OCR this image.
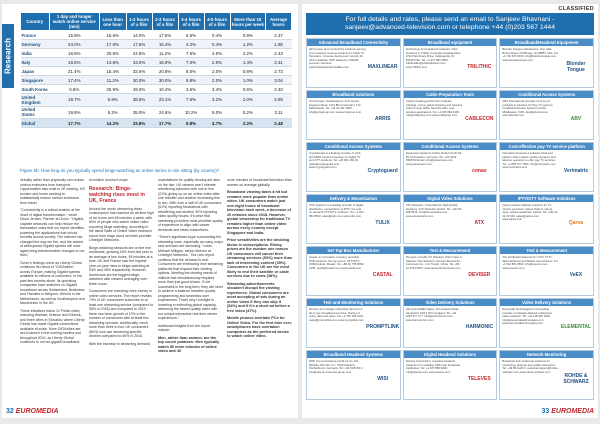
Research
Country	1 day and longer watch online service (min)	Less than one hour	1-2 hours of a film	2-3 hours of a film	3-4 hours of a film	4-5 hours of a film	More than 10 hours per week	Average hours
France	15.9%	16.6%	14.0%	17.6%	6.5%	0.4%	0.9%	2.37
Germany	24.0%	17.0%	17.6%	15.4%	4.2%	0.4%	1.2%	1.95
India	18.8%	20.8%	24.8%	11.2%	7.6%	4.0%	2.2%	2.43
Italy	18.6%	13.8%	43.0%	16.0%	7.0%	2.0%	1.4%	2.31
Japan	21.4%	15.4%	32.6%	20.8%	8.0%	2.0%	0.8%	2.73
Singapore	17.4%	11.2%	30.3%	30.0%	9.8%	2.0%	1.0%	3.04
South Korea	6.5%	25.9%	49.3%	10.4%	3.6%	3.4%	0.6%	2.33
United Kingdom	18.7%	6.9%	38.6%	23.1%	7.6%	3.2%	2.0%	2.69
United States	19.8%	5.2%	35.0%	24.6%	10.2%	5.0%	0.2%	3.11
Global	17.7%	14.2%	33.8%	17.7%	9.8%	4.7%	2.2%	2.48
Figure 5b: How long do you typically spend binge-watching an online series in one sitting (by country)?

virtually rather than physically can reduce carbon emissions from transport. Opportunities also exist in 4K viewing, HD tourism and home working to substantially reduce carbon emissions from travel.

"Connectivity is a critical enabler at the heart of digital transformation," wrote David Jensen, Partner at Ovum. "Gigabit-capable networks can help reduce the transaction costs that our report identifies, powering the applications that unlock benefits across society. The internet has changed the way we live, and the advent of widespread Gigabit speeds will once again bring transformative changes to our lives."

Ovum's findings come as Liberty Global continues its rollout of "GIGAcities" across Europe, making Gigabit speeds available to millions of customers. In the past few months alone, its operating companies have switched on Gigabit broadband across Switzerland, Bratislava and Flanders in Belgium, Utrecht in the Netherlands, as well as Southampton and Manchester in the UK.

These initiatives follow 12 Polish cities, including Warsaw, Krakow and Gdansk, and three cities in Slovakia, where Liberty Global has made Gigabit connections available at scale. More GIGAcities are set to launch in the coming months and throughout 2019, as Liberty Global continues to roll out gigabit broadband.

revolution across Europe.

Research: Binge-watching rises most in UK, France

Around the world, streaming video consumption has reached an all-time high of six hours and 48 minutes a week, with 60% of people who watch online video reporting binge-watching, according to the latest State of Online Video research report from edge cloud services provider Limelight Networks.

Binge-watching sessions are on the rise worldwide, growing 18% from last year to an average of two hours, 48 minutes at a time. UK and France saw the highest year-on-year rises in binge-watching at 53% and 38% respectively. However, Americans are the biggest binge-watchers with viewers averaging over three hours.

Consumers are investing more money in online video services. The report reveals 79% of UK consumers subscribe to at least one streaming service (compared to 58% in 2018) and compared to 2019 there has been growth of 10% in the number of consumers with at least two streaming services. Additionally, much more than three in four UK consumers (80%) now use streaming specific devices compared to 66% in 2018.

With the increase in streaming demand,

expectations for quality viewing are also on the rise. UK viewers won't tolerate rebuffering episodes with one in five (21%) giving up on an online video after one rebuffer and another increasing this to two. With over a half of UK consumers (51%) reporting frustrations with rebuffering and another 30% reporting video quality issues, it's clear that streaming providers must prioritise quality of experience to align with viewer demands and retain subscribers.

"There's significant hype surrounding the streaming wars, especially as many major new services are launching," notes Michael Milligan, senior director at Limelight Networks. "Our new report confirms that the demand is real. Consumers are embracing new streaming platforms that expand their viewing options. Meeting the viewing needs of millions that simultaneously requires more than just good shows. To be successful in the long term, they will need to achieve a balance between quality programming and seamless user experiences. That's why Limelight is investing in extending global capacity, delivering the lowest quality video with our unique interactive real-time viewer experiences."

Additional insights from the report include:

Men, rather than women, are the top couch potatoes: Men typically watch 50 more minutes of online video and 40

more minutes of broadcast television than women on average globally.

Broadcast viewing takes a hit but remains more popular than online video. UK consumers watch just one-eight hours of broadcast television each week, a decrease of 26 minutes since 2018. However, global viewership for traditional TV remains higher than online video across every country except Singapore and India.

Price sensitivities are the deciding factor in subscriptions. Rising prices are the number one reason UK consumers will cancel their streaming services (53%) more than lack of interesting content (35%). Consumers in the UK are the most likely to end their satellite or cable services due to costs (38%).

Streaming advertisements shouldn't disrupt the viewing experience. Global consumers are most accepting of ads during an online video if they can skip it (54%) and if it's a short ad before a free video (47%).

Mobile phones overtake PCs for Online Video. For the first time ever, smartphones have overtaken computers as the preferred device to watch online video.

32 EUROMEDIA
CLASSIFIED
For full details and rates, please send an email to Sanjeev Bhavnani -
sanjeev@advanced-television.com or telephone +44 (0)203 567 1444
Advanced Broadband Connectivity
HFC power and connectivity solutions serving core business revenue streams for Cable TV Operators. Increase deployment velocity for CFS Install-kits. WiFi Hotspots, CPE/RF, premium cameras. www.thebayframebroadline.com	MAXLINEAR
Broadband equipment
Technology for broadband networks. Viavi Solutions is Trilithic Corporate Headquarters. 9710 Park Davis Drive, Indianapolis, IN 46235 USA. Tel: +1 317 895 3600. trilithicsales@viavisolutions.com www.Trilithic.com	TRILITHIC
Broadband/Headend Equipment
Blonder Tongue Laboratories, One Jake Brown Road, Old Bridge, NJ 08857 USA. Tel: +1 732 679 4000. info@blondertongue.com www.blondertongue.com
Blonder Tongue
Broadband solutions
Arris Europe. Headquarters: Arris House, Pegasus Road, 1101 BN Amsterdam, The Netherlands. Tel: +31 20 311 3900. info@arrisgroup.com www.arrisgroup.com
ARRIS
Cable Preparation Tools
Industry leading product line includes stripping, coring, jacket stripping and cleaning tools for drop cable, hard line fiber, and wireless applications. Tel: +1 315 682 9105. info@cableprep.com www.cableprep.com
CABLECON
Conditional Access Systems
ABV International provides a full set of products & solutions for Pay-TV systems. Conditional Access Systems (CAS), Middleware, VOD. abv@abvcas.com www.abvcas.com
ABV
Conditional Access Systems
CryptoGuard is a leading provider of CAS and DRM content protection for digital TV and OTT solutions. Tel: +46 901 160 29. sales@cryptoguard.com www.cryptoguard.com
Cryptoguard
Conditional Access Systems
Panaccess Systems GmbH, Robert-Koch-Str. 89-73 Frankfurt, Germany. Tel: +49 (0)69 7890700 Email: info@panaccess.com www.panaccess.com
conax
Cost-effective pay-TV service platform
Verimatrix develops a software back-end platform that enables mobile operators and telecom operators to offer pay-TV services. Tel: +1 858 677 7800. info@verimatrix.com www.verimatrix.com
Verimatrix
Delivery & Monetization
Tulix Systems is a leading provider of digital distribution, monetization of IPTV, live and on-demand OTT/IPTV solutions. Tel: +1 404 584 5533. sales@tulix.com www.tulix.com
TULIX
Digital Video Solutions
ATX Networks. Cost-effective High Quality Solutions. ATX Networks GmbH. Tel: +49 211 388 5616. info@atxnetworks.com www.atxnetworks.com
ATX
IPTV/OTT Software Solutions
Qarva creates software solutions for TV service operators. Qarva Distinct, Qarva Apps, Qarva Headends. Serbia. Tel: +381 11 22 22 540. sales@qarva.com www.qarva.com
Qarva
Set Top Box Manufacturer
Castal, an innovative company providing DVB solutions: Set top boxes, OTT/IPTV, DVB/Android, Mosaic. Tel: +86 (0) 755 8999 2168. castal@castal.com www.castal.com
CASTAL
Test & Measurement
25 years of Cable TV, Wireless, Fiber Optic & Datacom Test Solutions. Deviser Electronics Instrument Co., Ltd. Tianjin, China. Tel: +86 22 2764 5003. www.deviserinstruments.com
DEVISER
Test & Measurement
The Verification Experts for CATV, FTTx, Metro Ethernet and Mobile test solutions. Tel: +1 510 651 0500. info@veexinc.com www.veexinc.com
VeEX
Test and Monitoring Solutions
Monitor and manage subscriber devices for all of your broadband services. Testing of voice, data and video. Tel: +1 760 438 0101. sales@promptlink.com www.promptlink.com
PROMPTLINK
Video Delivery Solutions
Harmonic EMEA Sales, 10 Linnaeus Road, Hampshire SO14 4DY, England. Tel: +44 1252 377 177. info@harmonicinc.com www.harmonicinc.com
HARMONIC
Video Delivery Solutions
Elemental Technologies is the leading provider of software-defined multiscreen video solutions. Tel: +44 118 920 1900. info@elementaltechnologies.com www.elementaltechnologies.com
ELEMENTAL
Broadband Headend Systems
WISI Communications GmbH & Co. KG, Wilhelm-Sihn-Str. 5-7, 75223 Niefern-Öschelbronn, Germany. Tel: +49 7233 66 0. info@wisi.de www.wisi-group.com
WISI
Digital Headend Solutions
Televes Corporation: complete headend solutions for hospitality, MDU and broadcast distribution. Tel: +1 407 856 9300. info@televes.com www.televes.com
TELEVES
Network Monitoring
Broadcast and media test solutions for monitoring, analysis and quality assurance. Tel: +49 89 4129 0. customersupport@rohde-schwarz.com www.rohde-schwarz.com
ROHDE & SCHWARZ
33 EUROMEDIA
